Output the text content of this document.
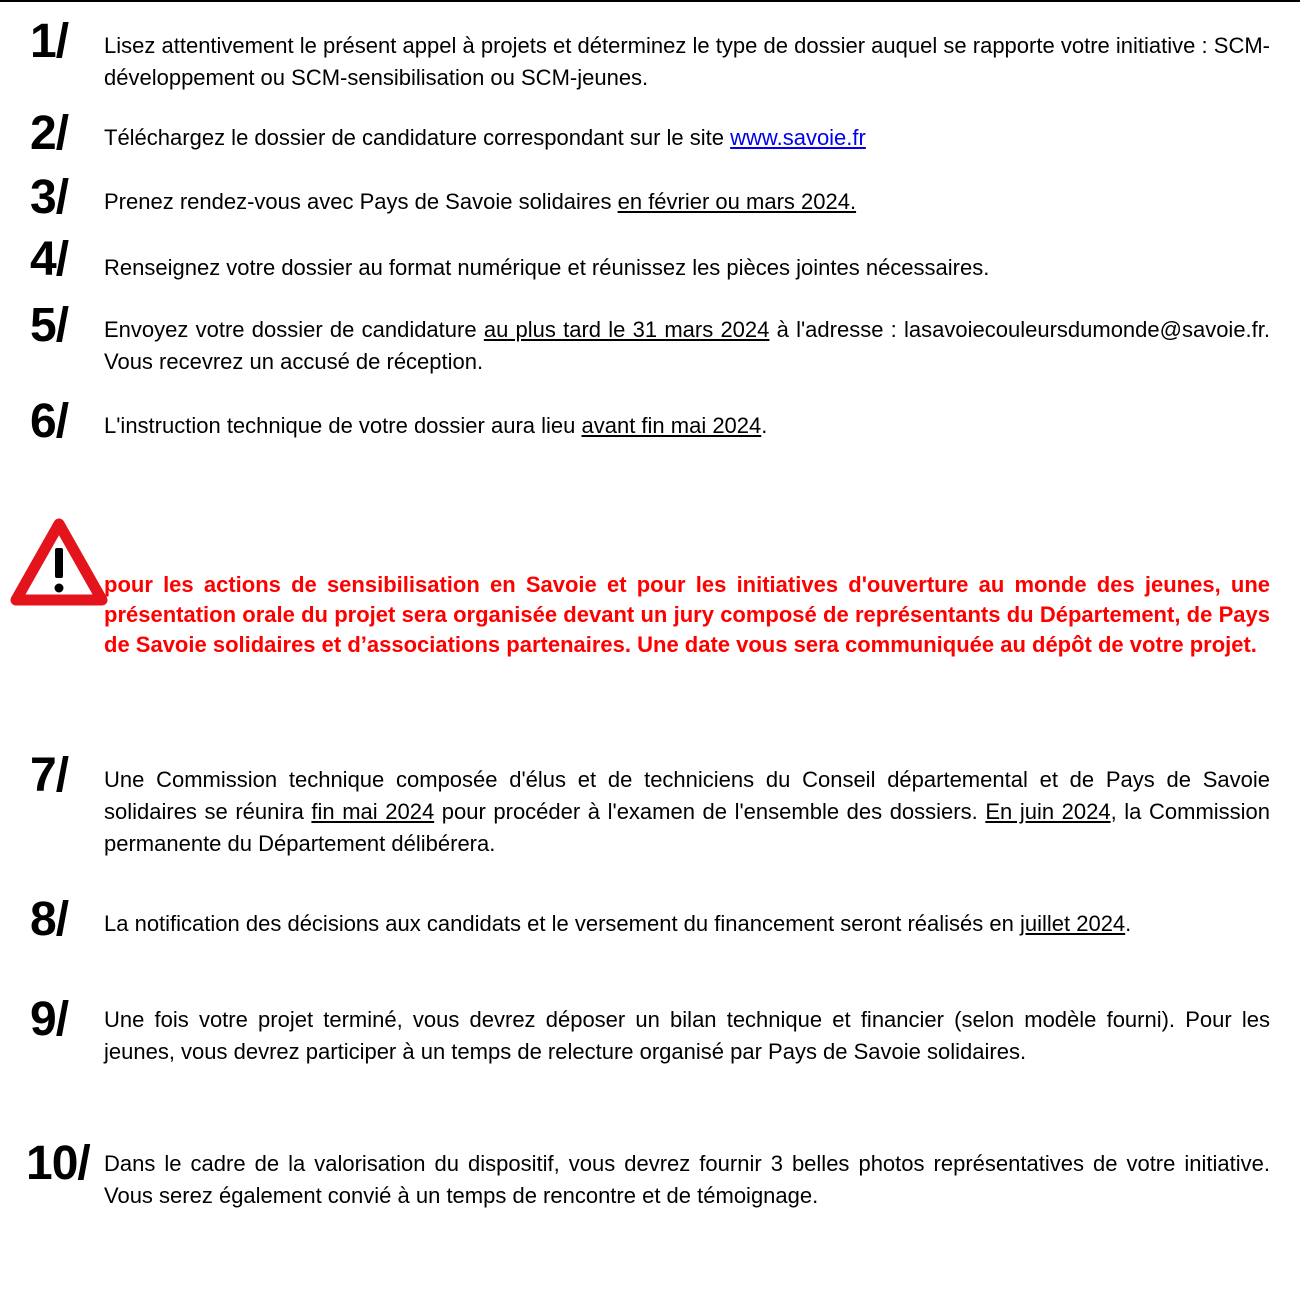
1/ Lisez attentivement le présent appel à projets et déterminez le type de dossier auquel se rapporte votre initiative : SCM-développement ou SCM-sensibilisation ou SCM-jeunes.
2/ Téléchargez le dossier de candidature correspondant sur le site www.savoie.fr
3/ Prenez rendez-vous avec Pays de Savoie solidaires en février ou mars 2024.
4/ Renseignez votre dossier au format numérique et réunissez les pièces jointes nécessaires.
5/ Envoyez votre dossier de candidature au plus tard le 31 mars 2024 à l'adresse : lasavoiecouleursdumonde@savoie.fr. Vous recevrez un accusé de réception.
6/ L'instruction technique de votre dossier aura lieu avant fin mai 2024.
pour les actions de sensibilisation en Savoie et pour les initiatives d'ouverture au monde des jeunes, une présentation orale du projet sera organisée devant un jury composé de représentants du Département, de Pays de Savoie solidaires et d’associations partenaires. Une date vous sera communiquée au dépôt de votre projet.
7/ Une Commission technique composée d'élus et de techniciens du Conseil départemental et de Pays de Savoie solidaires se réunira fin mai 2024 pour procéder à l'examen de l'ensemble des dossiers. En juin 2024, la Commission permanente du Département délibérera.
8/ La notification des décisions aux candidats et le versement du financement seront réalisés en juillet 2024.
9/ Une fois votre projet terminé, vous devrez déposer un bilan technique et financier (selon modèle fourni). Pour les jeunes, vous devrez participer à un temps de relecture organisé par Pays de Savoie solidaires.
10/ Dans le cadre de la valorisation du dispositif, vous devrez fournir 3 belles photos représentatives de votre initiative. Vous serez également convié à un temps de rencontre et de témoignage.
